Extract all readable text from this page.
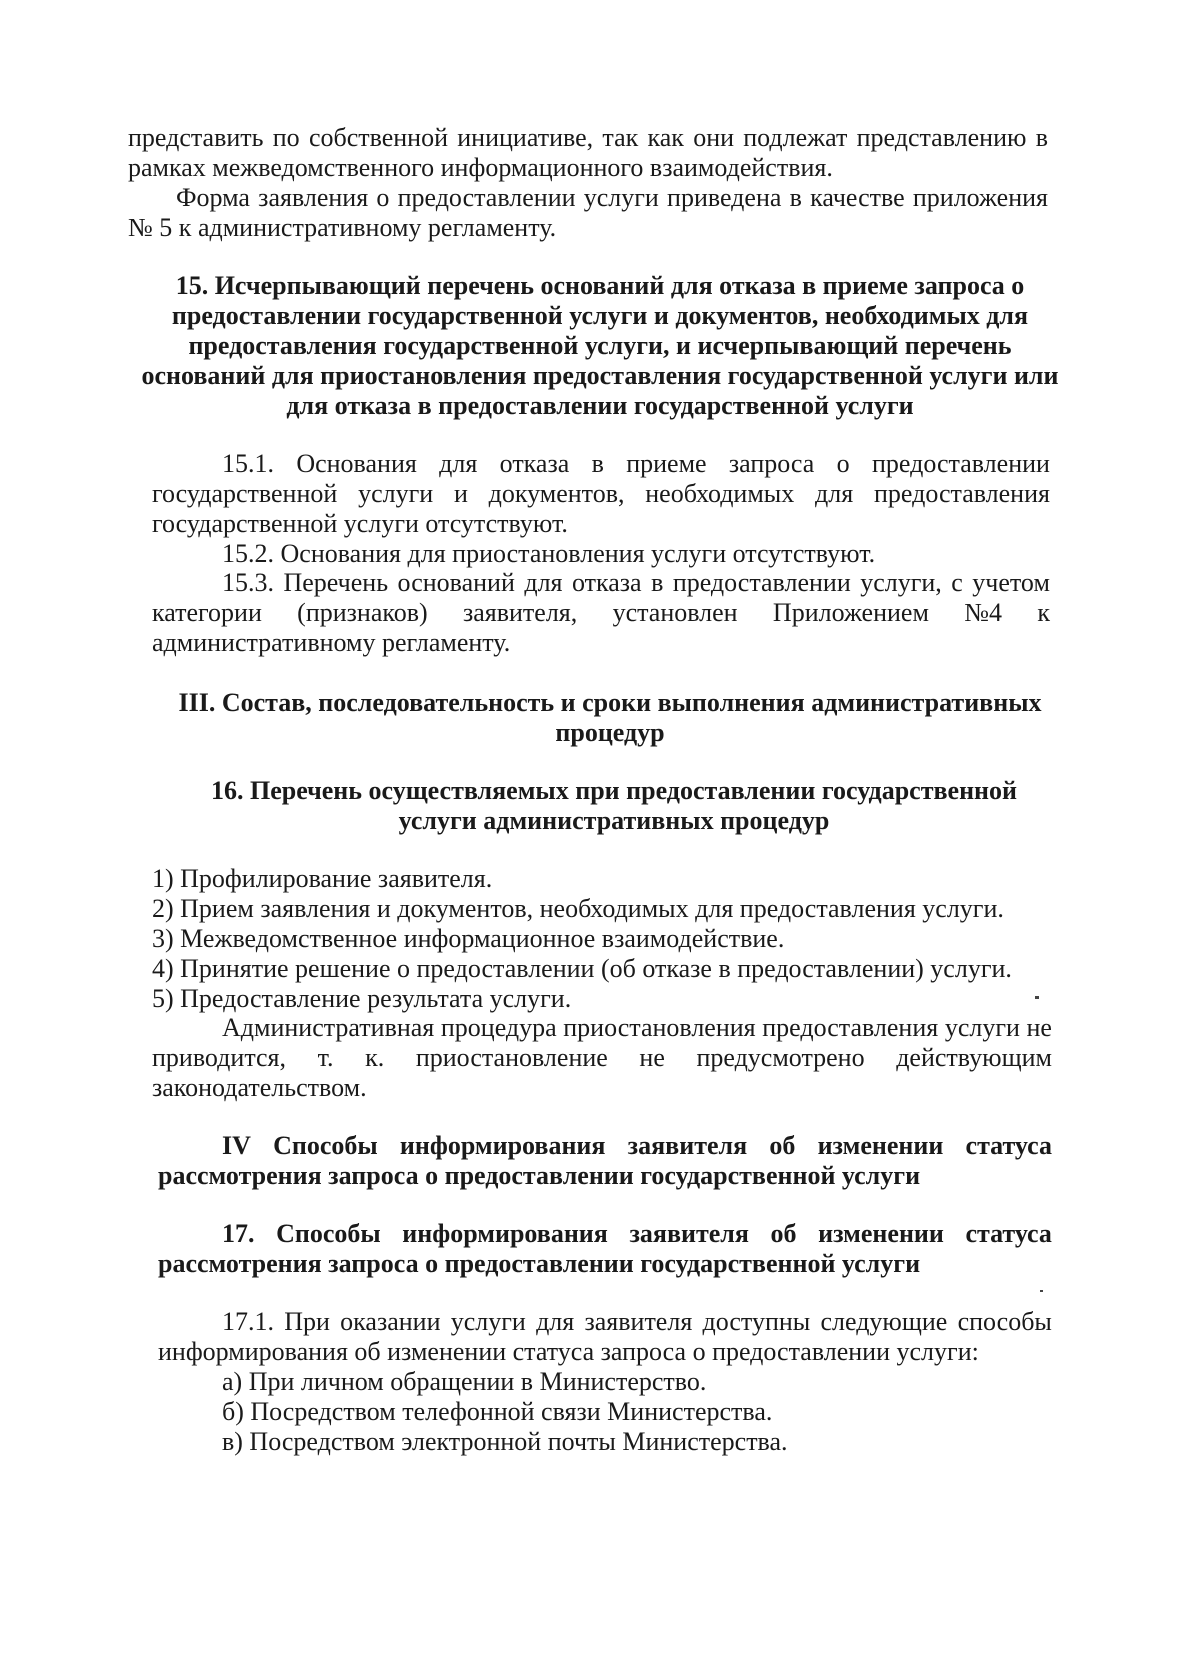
представить по собственной инициативе, так как они подлежат представлению в
рамках межведомственного информационного взаимодействия.
Форма заявления о предоставлении услуги приведена в качестве приложения
№ 5 к административному регламенту.
15. Исчерпывающий перечень оснований для отказа в приеме запроса о
предоставлении государственной услуги и документов, необходимых для
предоставления государственной услуги, и исчерпывающий перечень
оснований для приостановления предоставления государственной услуги или
для отказа в предоставлении государственной услуги
15.1. Основания для отказа в приеме запроса о предоставлении
государственной услуги и документов, необходимых для предоставления
государственной услуги отсутствуют.
15.2. Основания для приостановления услуги отсутствуют.
15.3. Перечень оснований для отказа в предоставлении услуги, с учетом
категории (признаков) заявителя, установлен Приложением №4 к
административному регламенту.
III. Состав, последовательность и сроки выполнения административных
процедур
16. Перечень осуществляемых при предоставлении государственной
услуги административных процедур
1) Профилирование заявителя.
2) Прием заявления и документов, необходимых для предоставления услуги.
3) Межведомственное информационное взаимодействие.
4) Принятие решение о предоставлении (об отказе в предоставлении) услуги.
5) Предоставление результата услуги.
Административная процедура приостановления предоставления услуги не
приводится, т. к. приостановление не предусмотрено действующим
законодательством.
IV Способы информирования заявителя об изменении статуса
рассмотрения запроса о предоставлении государственной услуги
17. Способы информирования заявителя об изменении статуса
рассмотрения запроса о предоставлении государственной услуги
17.1. При оказании услуги для заявителя доступны следующие способы
информирования об изменении статуса запроса о предоставлении услуги:
а) При личном обращении в Министерство.
б) Посредством телефонной связи Министерства.
в) Посредством электронной почты Министерства.
